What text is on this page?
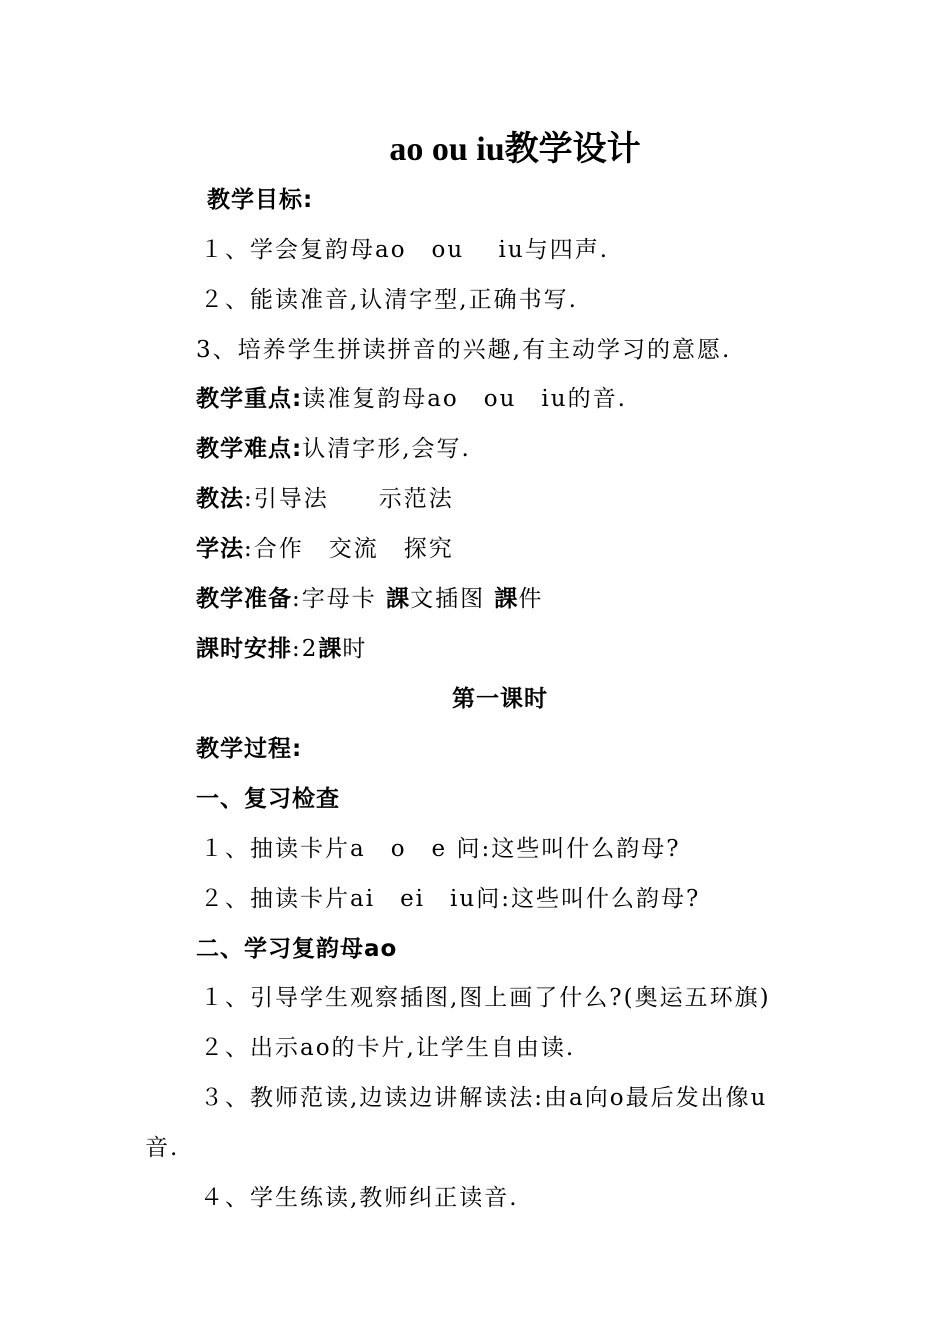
ao ou iu教学设计
教学目标:
１、学会复韵母ao　ou　 iu与四声.
２、能读准音,认清字型,正确书写.
3、培养学生拼读拼音的兴趣,有主动学习的意愿.
教学重点:读准复韵母ao　ou　iu的音.
教学难点:认清字形,会写.
教法:引导法　　示范法
学法:合作　交流　探究
教学准备:字母卡 課文插图 課件
課时安排:2課时
第一课时
教学过程:
一、复习检查
１、抽读卡片a　o　e 问:这些叫什么韵母?
２、抽读卡片ai　ei　iu问:这些叫什么韵母?
二、学习复韵母ao
１、引导学生观察插图,图上画了什么?(奥运五环旗)
２、出示ao的卡片,让学生自由读.
３、教师范读,边读边讲解读法:由a向o最后发出像u
音.
４、学生练读,教师纠正读音.
